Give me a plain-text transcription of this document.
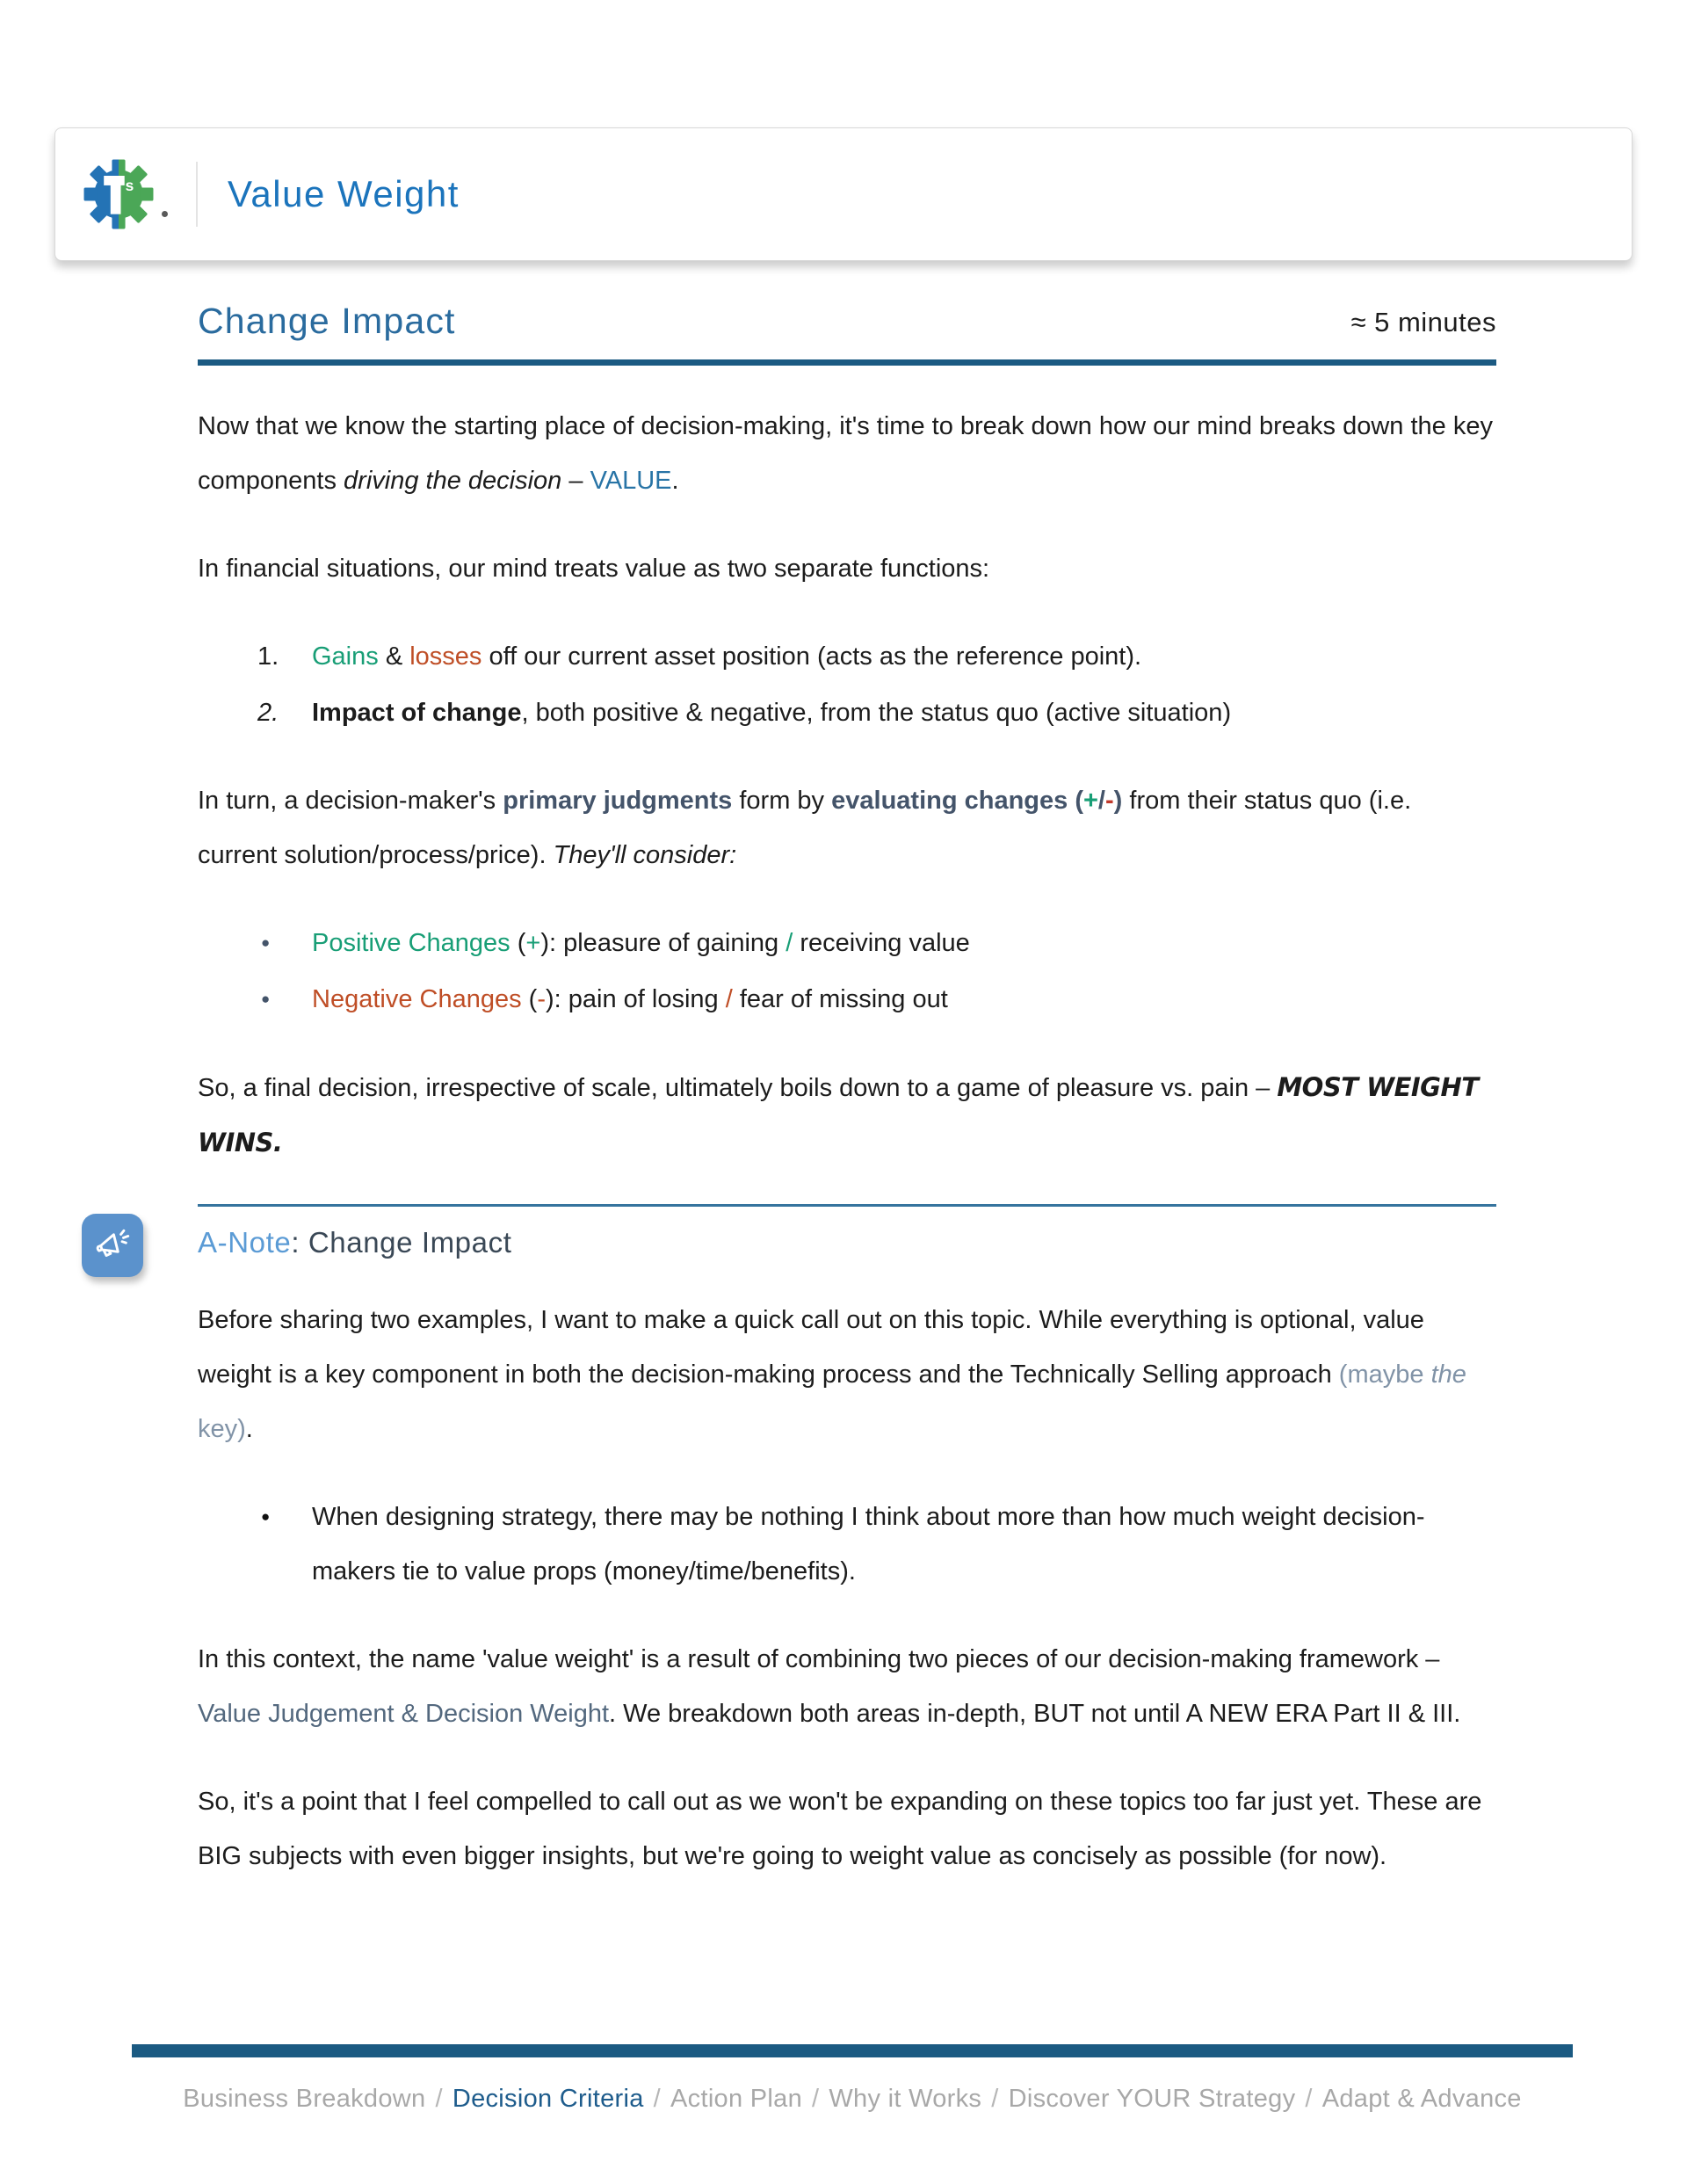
s	Value Weight
Change Impact	≈ 5 minutes

Now that we know the starting place of decision-making, it's time to break down how our mind breaks down the key components driving the decision – VALUE.

In financial situations, our mind treats value as two separate functions:

1.	Gains & losses off our current asset position (acts as the reference point).
2.	Impact of change, both positive & negative, from the status quo (active situation)

In turn, a decision-maker's primary judgments form by evaluating changes (+/-) from their status quo (i.e. current solution/process/price). They'll consider:

● Positive Changes (+): pleasure of gaining / receiving value
● Negative Changes (-): pain of losing / fear of missing out

So, a final decision, irrespective of scale, ultimately boils down to a game of pleasure vs. pain – MOST WEIGHT WINS.

A-Note: Change Impact

Before sharing two examples, I want to make a quick call out on this topic. While everything is optional, value weight is a key component in both the decision-making process and the Technically Selling approach (maybe the key).

● When designing strategy, there may be nothing I think about more than how much weight decision-makers tie to value props (money/time/benefits).

In this context, the name 'value weight' is a result of combining two pieces of our decision-making framework – Value Judgement & Decision Weight. We breakdown both areas in-depth, BUT not until A NEW ERA Part II & III.

So, it's a point that I feel compelled to call out as we won't be expanding on these topics too far just yet. These are BIG subjects with even bigger insights, but we're going to weight value as concisely as possible (for now).

Business Breakdown / Decision Criteria / Action Plan / Why it Works / Discover YOUR Strategy / Adapt & Advance
